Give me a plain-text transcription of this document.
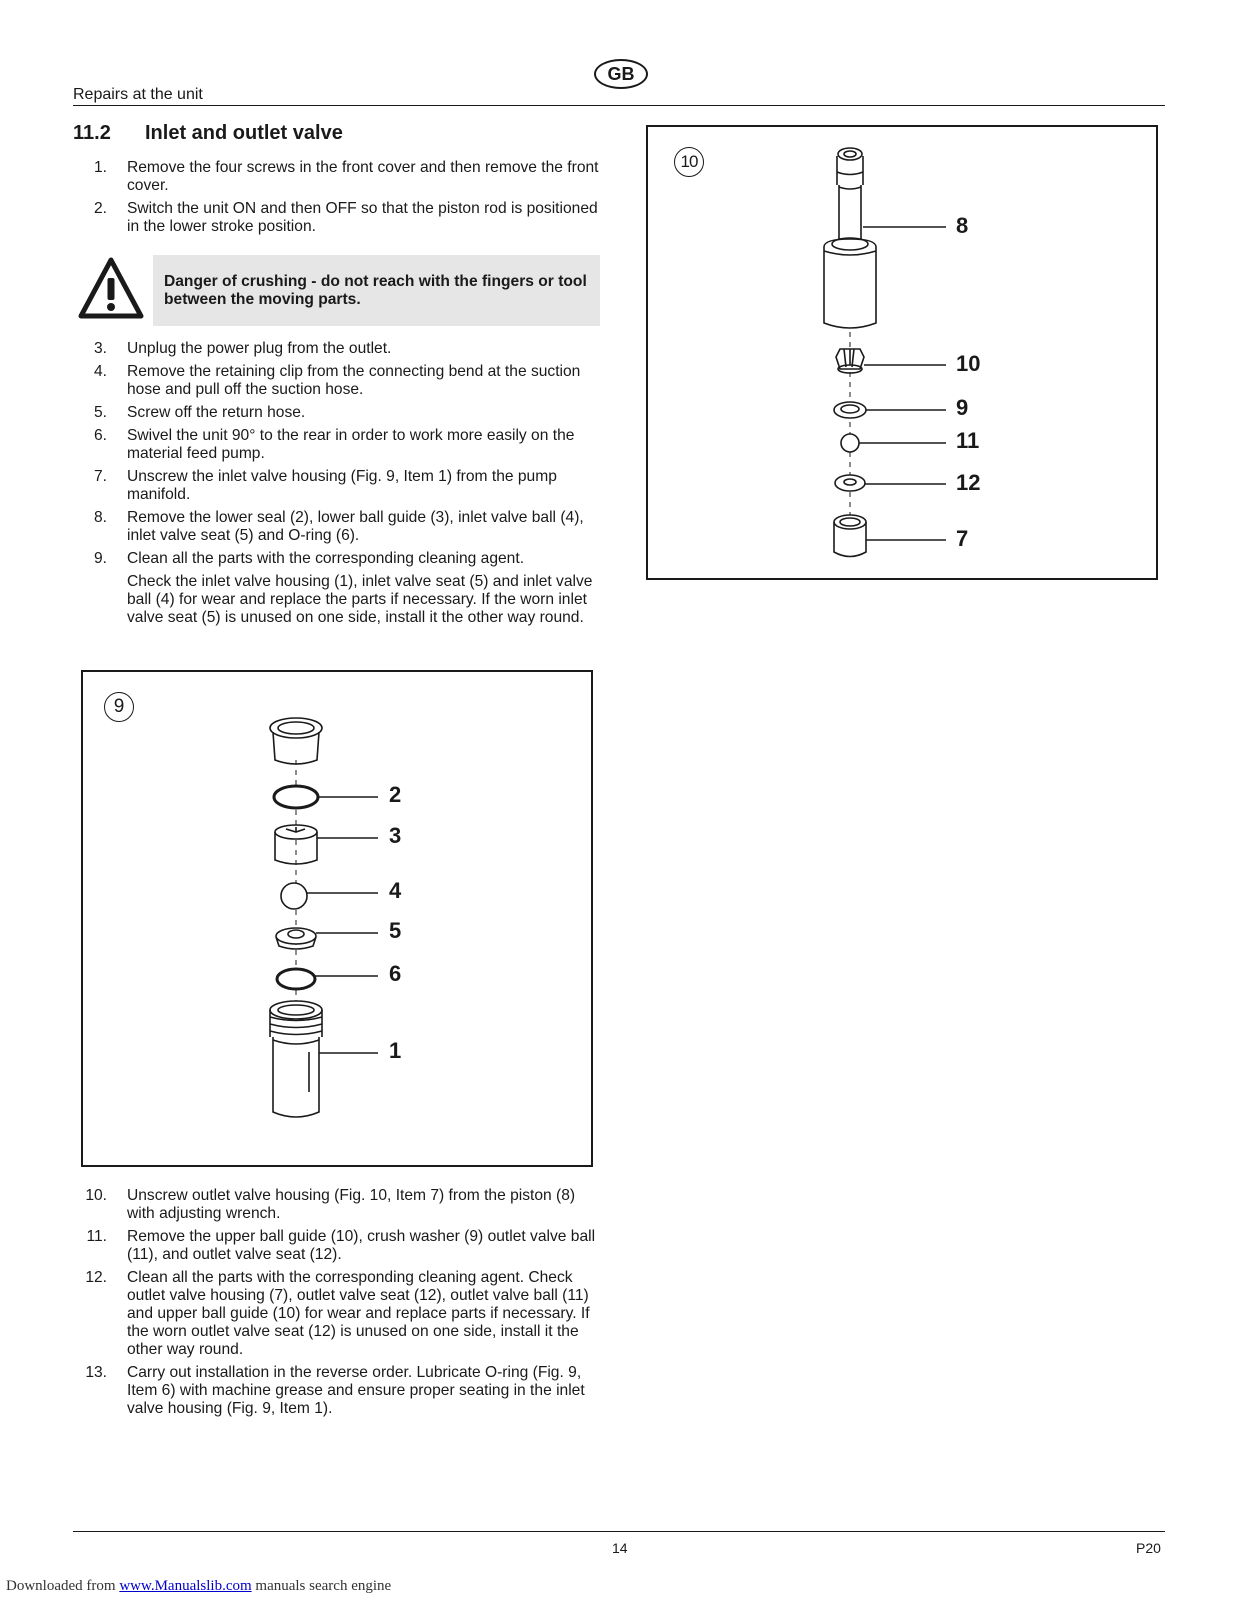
GB
Repairs at the unit
11.2 Inlet and outlet valve
1.	Remove the four screws in the front cover and then remove the front cover.
2.	Switch the unit ON and then OFF so that the piston rod is positioned in the lower stroke position.
Danger of crushing - do not reach with the fingers or tool between the moving parts.
3.	Unplug the power plug from the outlet.
4.	Remove the retaining clip from the connecting bend at the suction hose and pull off the suction hose.
5.	Screw off the return hose.
6.	Swivel the unit 90° to the rear in order to work more easily on the material feed pump.
7.	Unscrew the inlet valve housing (Fig. 9, Item 1) from the pump manifold.
8.	Remove the lower seal (2), lower ball guide (3), inlet valve ball (4), inlet valve seat (5) and O-ring (6).
9.	Clean all the parts with the corresponding cleaning agent.
Check the inlet valve housing (1), inlet valve seat (5) and inlet valve ball (4) for wear and replace the parts if necessary. If the worn inlet valve seat (5) is unused on one side, install it the other way round.
9
2
3
4
5
6
1
10.	Unscrew outlet valve housing (Fig. 10, Item 7) from the piston (8) with adjusting wrench.
11.	Remove the upper ball guide (10), crush washer (9) outlet valve ball (11), and outlet valve seat (12).
12.	Clean all the parts with the corresponding cleaning agent. Check outlet valve housing (7), outlet valve seat (12), outlet valve ball (11) and upper ball guide (10) for wear and replace parts if necessary. If the worn outlet valve seat (12) is unused on one side, install it the other way round.
13.	Carry out installation in the reverse order. Lubricate O-ring (Fig. 9, Item 6) with machine grease and ensure proper seating in the inlet valve housing (Fig. 9, Item 1).
10
8
10
9
11
12
7
14	P20
Downloaded from www.Manualslib.com manuals search engine
